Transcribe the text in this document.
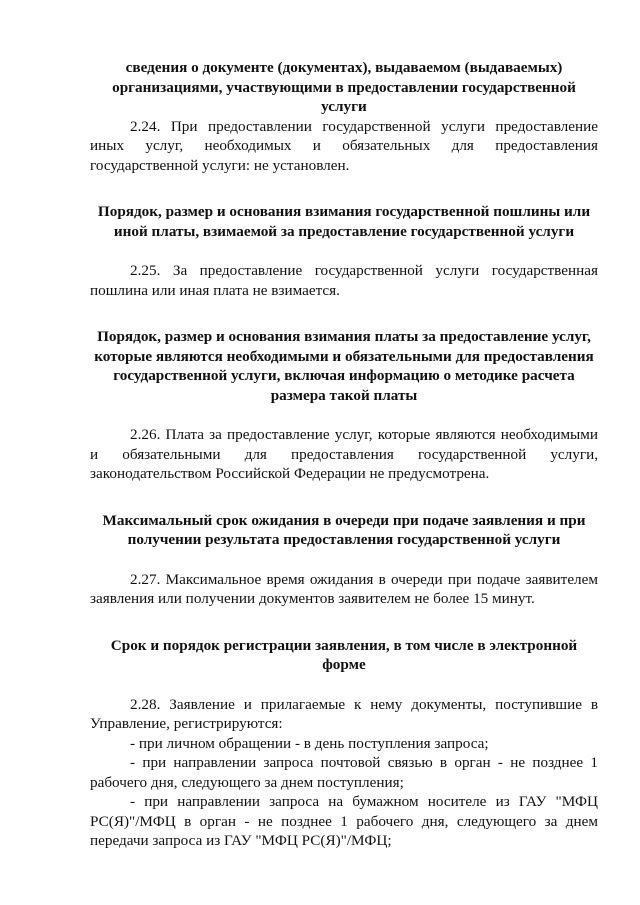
сведения о документе (документах), выдаваемом (выдаваемых) организациями, участвующими в предоставлении государственной услуги

2.24. При предоставлении государственной услуги предоставление иных услуг, необходимых и обязательных для предоставления государственной услуги: не установлен.

Порядок, размер и основания взимания государственной пошлины или иной платы, взимаемой за предоставление государственной услуги

2.25. За предоставление государственной услуги государственная пошлина или иная плата не взимается.

Порядок, размер и основания взимания платы за предоставление услуг, которые являются необходимыми и обязательными для предоставления государственной услуги, включая информацию о методике расчета размера такой платы

2.26. Плата за предоставление услуг, которые являются необходимыми и обязательными для предоставления государственной услуги, законодательством Российской Федерации не предусмотрена.

Максимальный срок ожидания в очереди при подаче заявления и при получении результата предоставления государственной услуги

2.27. Максимальное время ожидания в очереди при подаче заявителем заявления или получении документов заявителем не более 15 минут.

Срок и порядок регистрации заявления, в том числе в электронной форме

2.28. Заявление и прилагаемые к нему документы, поступившие в Управление, регистрируются:

- при личном обращении - в день поступления запроса;

- при направлении запроса почтовой связью в орган - не позднее 1 рабочего дня, следующего за днем поступления;

- при направлении запроса на бумажном носителе из ГАУ "МФЦ РС(Я)"/МФЦ в орган - не позднее 1 рабочего дня, следующего за днем передачи запроса из ГАУ "МФЦ РС(Я)"/МФЦ;
